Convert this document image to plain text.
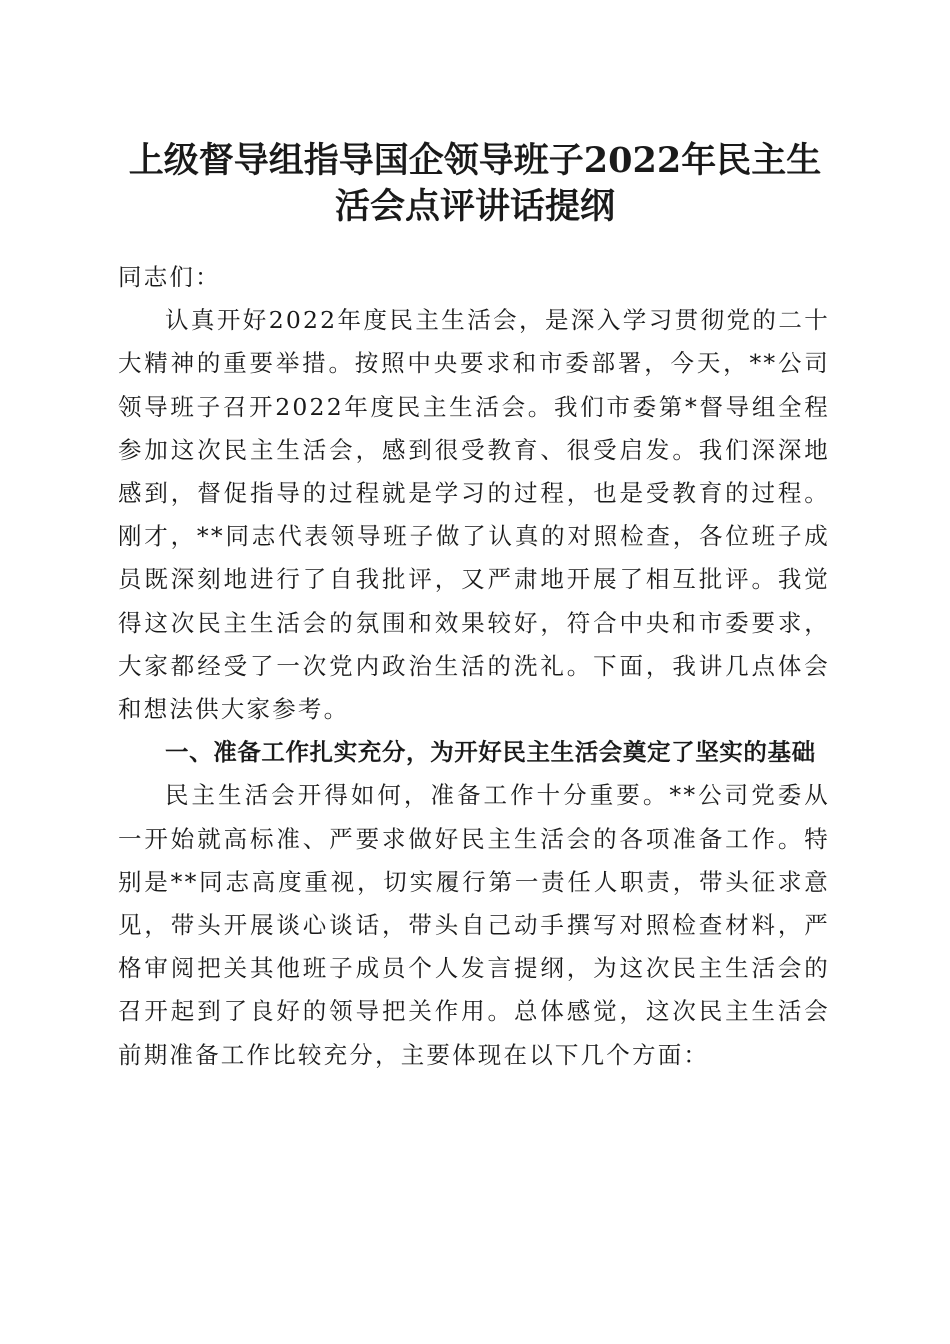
上级督导组指导国企领导班子2022年民主生
活会点评讲话提纲

同志们：

认真开好2022年度民主生活会，是深入学习贯彻党的二十大精神的重要举措。按照中央要求和市委部署，今天，**公司领导班子召开2022年度民主生活会。我们市委第*督导组全程参加这次民主生活会，感到很受教育、很受启发。我们深深地感到，督促指导的过程就是学习的过程，也是受教育的过程。刚才，**同志代表领导班子做了认真的对照检查，各位班子成员既深刻地进行了自我批评，又严肃地开展了相互批评。我觉得这次民主生活会的氛围和效果较好，符合中央和市委要求，大家都经受了一次党内政治生活的洗礼。下面，我讲几点体会和想法供大家参考。

一、准备工作扎实充分，为开好民主生活会奠定了坚实的基础

民主生活会开得如何，准备工作十分重要。**公司党委从一开始就高标准、严要求做好民主生活会的各项准备工作。特别是**同志高度重视，切实履行第一责任人职责，带头征求意见，带头开展谈心谈话，带头自己动手撰写对照检查材料，严格审阅把关其他班子成员个人发言提纲，为这次民主生活会的召开起到了良好的领导把关作用。总体感觉，这次民主生活会前期准备工作比较充分，主要体现在以下几个方面：
